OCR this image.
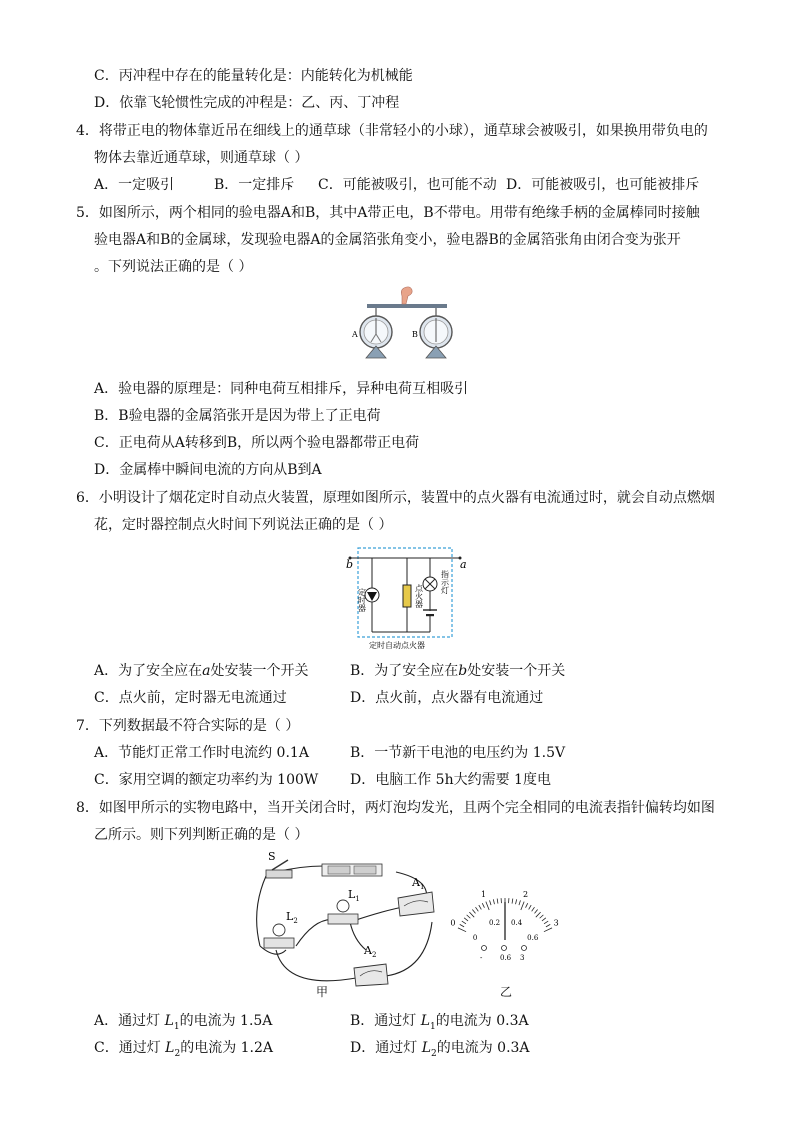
C．丙冲程中存在的能量转化是：内能转化为机械能
D．依靠飞轮惯性完成的冲程是：乙、丙、丁冲程
4．将带正电的物体靠近吊在细线上的通草球（非常轻小的小球），通草球会被吸引，如果换用带负电的
物体去靠近通草球，则通草球（ ）
A．一定吸引	B．一定排斥 C．可能被吸引，也可能不动 D．可能被吸引，也可能被排斥
5．如图所示，两个相同的验电器A和B，其中A带正电，B不带电。用带有绝缘手柄的金属棒同时接触
验电器A和B的金属球，发现验电器A的金属箔张角变小，验电器B的金属箔张角由闭合变为张开
。下列说法正确的是（ ）
A	B
A．验电器的原理是：同种电荷互相排斥，异种电荷互相吸引
B．B验电器的金属箔张开是因为带上了正电荷
C．正电荷从A转移到B，所以两个验电器都带正电荷
D．金属棒中瞬间电流的方向从B到A
6．小明设计了烟花定时自动点火装置，原理如图所示，装置中的点火器有电流通过时，就会自动点燃烟
花，定时器控制点火时间下列说法正确的是（ ）
b	a
定时器	点火器
指示灯
定时自动点火器
A．为了安全应在a处安装一个开关	B．为了安全应在b处安装一个开关
C．点火前，定时器无电流通过	D．点火前，点火器有电流通过
7．下列数据最不符合实际的是（ ）
A．节能灯正常工作时电流约 0.1A	B．一节新干电池的电压约为 1.5V
C．家用空调的额定功率约为 100W D．电脑工作 5h大约需要 1度电
8．如图甲所示的实物电路中，当开关闭合时，两灯泡均发光，且两个完全相同的电流表指针偏转均如图
乙所示。则下列判断正确的是（ ）
S
$L_1$
$L_2$
$A_1$
$A_2$
0
1	2
3
0
0.2 0.4
0.6
-	0.6 3
甲	乙
A．通过灯 $L_1$的电流为 1.5A	B．通过灯 $L_1$的电流为 0.3A
C．通过灯 $L_2$的电流为 1.2A	D．通过灯 $L_2$的电流为 0.3A
